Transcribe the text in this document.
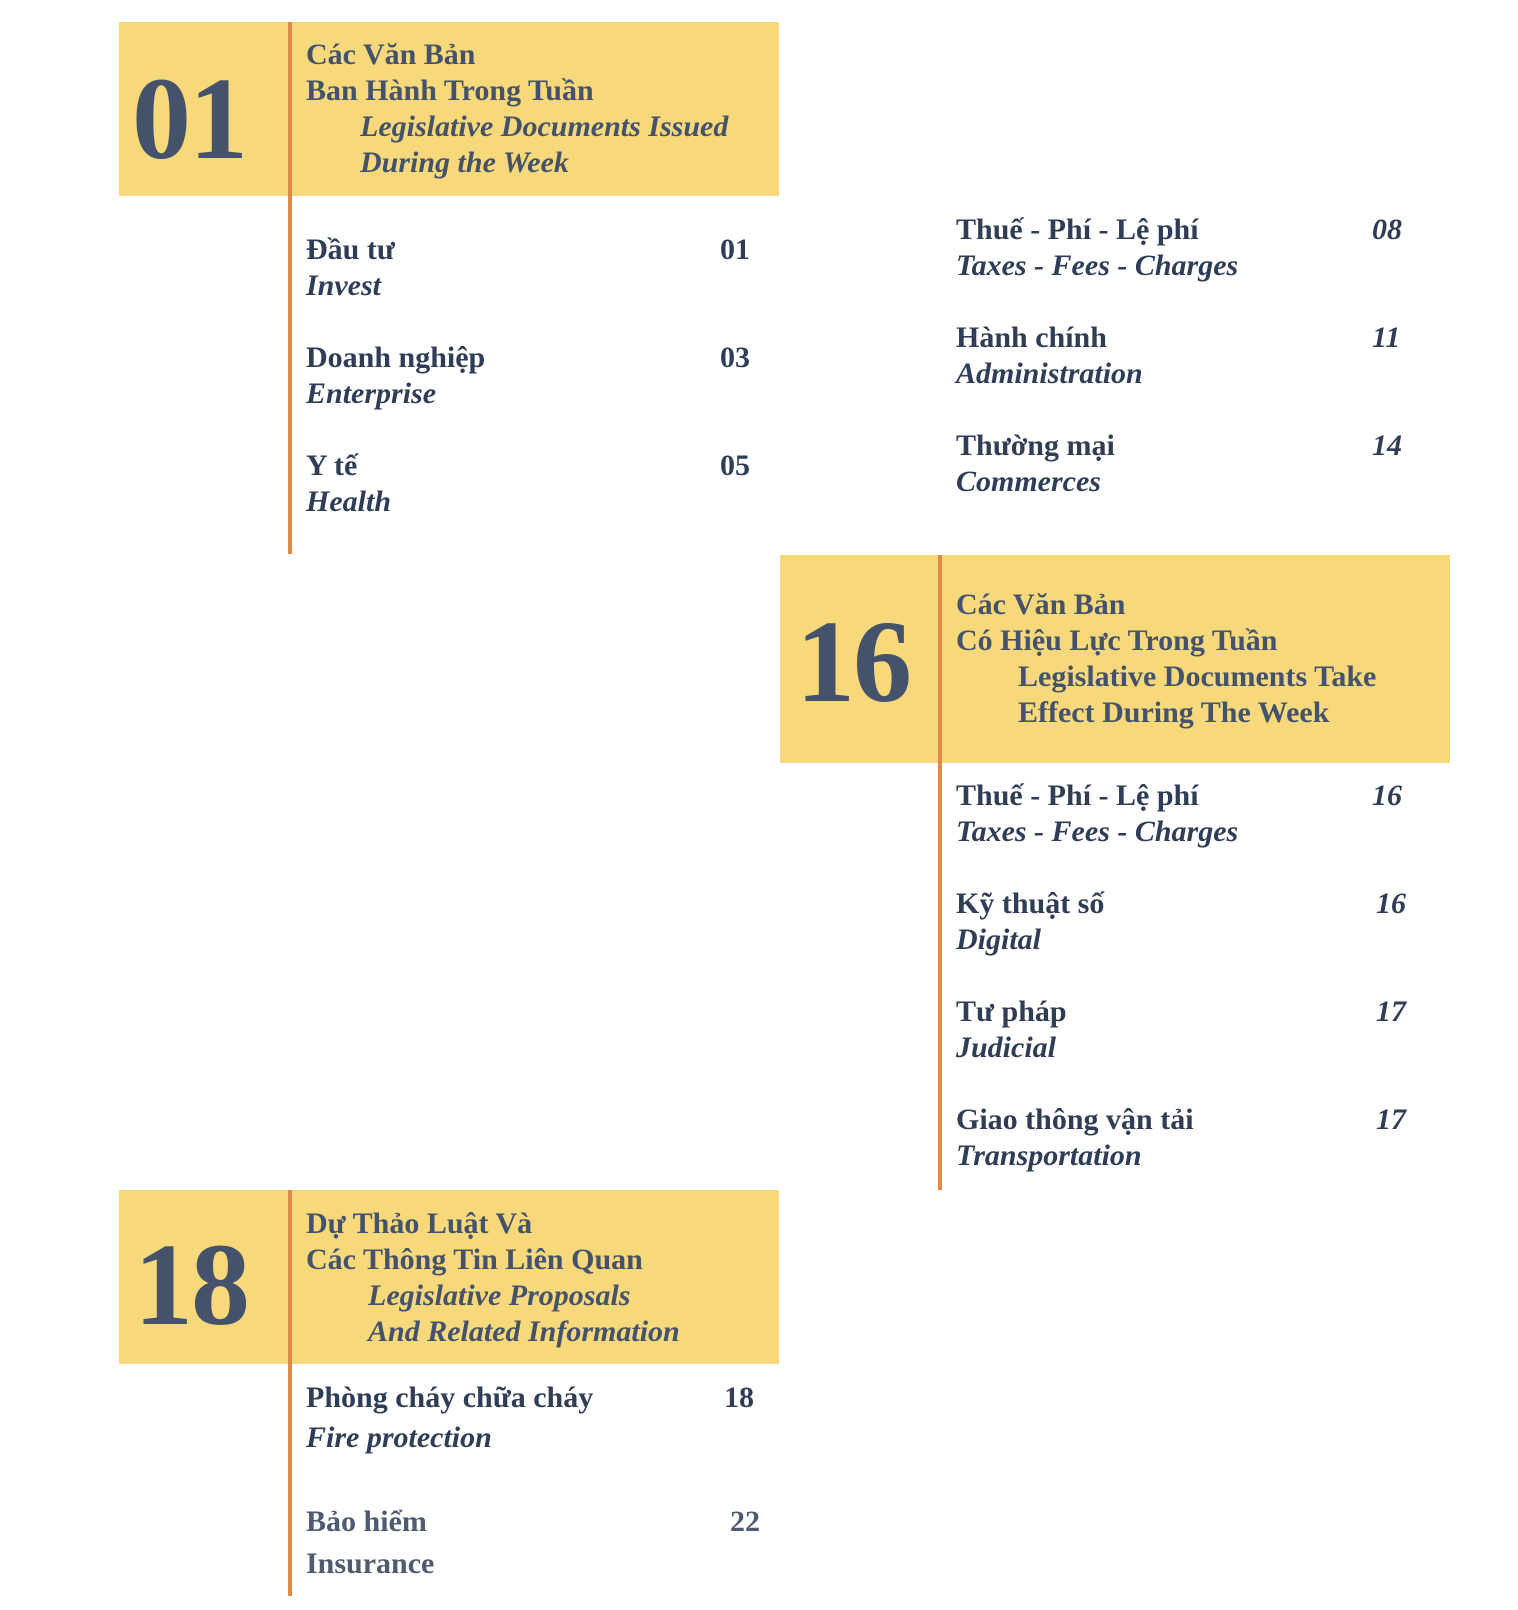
01 Các Văn Bản
Ban Hành Trong Tuần
Legislative Documents Issued
During the Week
Đầu tư
Invest
01
Doanh nghiệp
Enterprise
03
Y tế
Health
05
Thuế - Phí - Lệ phí
Taxes - Fees - Charges
08
Hành chính
Administration
11
Thường mại
Commerces
14
16 Các Văn Bản
Có Hiệu Lực Trong Tuần
Legislative Documents Take
Effect During The Week
Thuế - Phí - Lệ phí
Taxes - Fees - Charges
16
Kỹ thuật số
Digital
16
Tư pháp
Judicial
17
Giao thông vận tải
Transportation
17
18 Dự Thảo Luật Và
Các Thông Tin Liên Quan
Legislative Proposals
And Related Information
Phòng cháy chữa cháy
Fire protection
18
Bảo hiểm
Insurance
22
